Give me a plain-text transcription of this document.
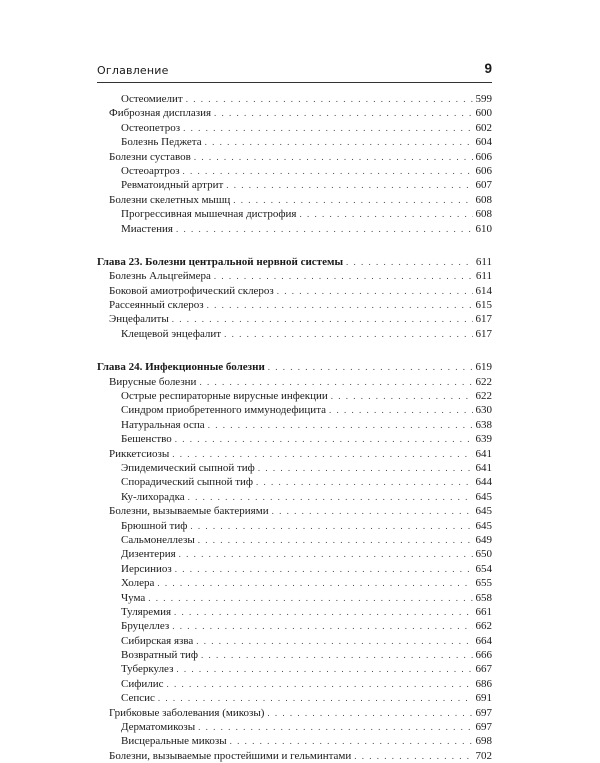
Оглавление	9
Остеомиелит . . .	599
Фиброзная дисплазия . . .	600
Остеопетроз . . .	602
Болезнь Педжета . . .	604
Болезни суставов . . .	606
Остеоартроз . . .	606
Ревматоидный артрит . . .	607
Болезни скелетных мышц . . .	608
Прогрессивная мышечная дистрофия . . .	608
Миастения . . .	610
Глава 23. Болезни центральной нервной системы . . .	611
Болезнь Альцгеймера . . .	611
Боковой амиотрофический склероз . . .	614
Рассеянный склероз . . .	615
Энцефалиты . . .	617
Клещевой энцефалит . . .	617
Глава 24. Инфекционные болезни . . .	619
Вирусные болезни . . .	622
Острые респираторные вирусные инфекции . . .	622
Синдром приобретенного иммунодефицита . . .	630
Натуральная оспа . . .	638
Бешенство . . .	639
Риккетсиозы . . .	641
Эпидемический сыпной тиф . . .	641
Спорадический сыпной тиф . . .	644
Ку-лихорадка . . .	645
Болезни, вызываемые бактериями . . .	645
Брюшной тиф . . .	645
Сальмонеллезы . . .	649
Дизентерия . . .	650
Иерсиниоз . . .	654
Холера . . .	655
Чума . . .	658
Туляремия . . .	661
Бруцеллез . . .	662
Сибирская язва . . .	664
Возвратный тиф . . .	666
Туберкулез . . .	667
Сифилис . . .	686
Сепсис . . .	691
Грибковые заболевания (микозы) . . .	697
Дерматомикозы . . .	697
Висцеральные микозы . . .	698
Болезни, вызываемые простейшими и гельминтами . . .	702
